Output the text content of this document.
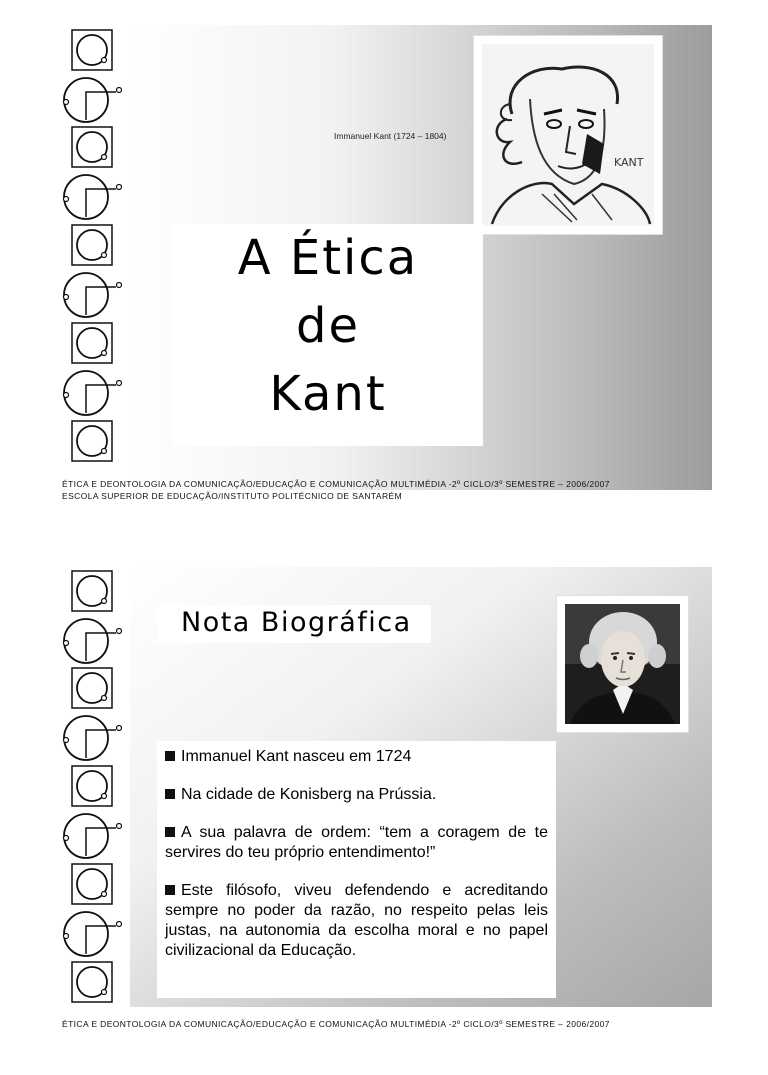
Immanuel Kant (1724 – 1804)
KANT
A Ética
de
Kant
ÉTICA E DEONTOLOGIA DA COMUNICAÇÃO/EDUCAÇÃO E COMUNICAÇÃO MULTIMÉDIA -2º CICLO/3º SEMESTRE – 2006/2007
ESCOLA SUPERIOR DE EDUCAÇÃO/INSTITUTO POLITÉCNICO DE SANTARÉM
Nota Biográfica
Immanuel Kant nasceu em 1724
Na cidade de Konisberg na Prússia.
A sua palavra de ordem: “tem a coragem de te servires do teu próprio entendimento!”
Este filósofo, viveu defendendo e acreditando sempre no poder da razão, no respeito pelas leis justas, na autonomia da escolha moral e no papel civilizacional da Educação.
ÉTICA E DEONTOLOGIA DA COMUNICAÇÃO/EDUCAÇÃO E COMUNICAÇÃO MULTIMÉDIA -2º CICLO/3º SEMESTRE – 2006/2007
